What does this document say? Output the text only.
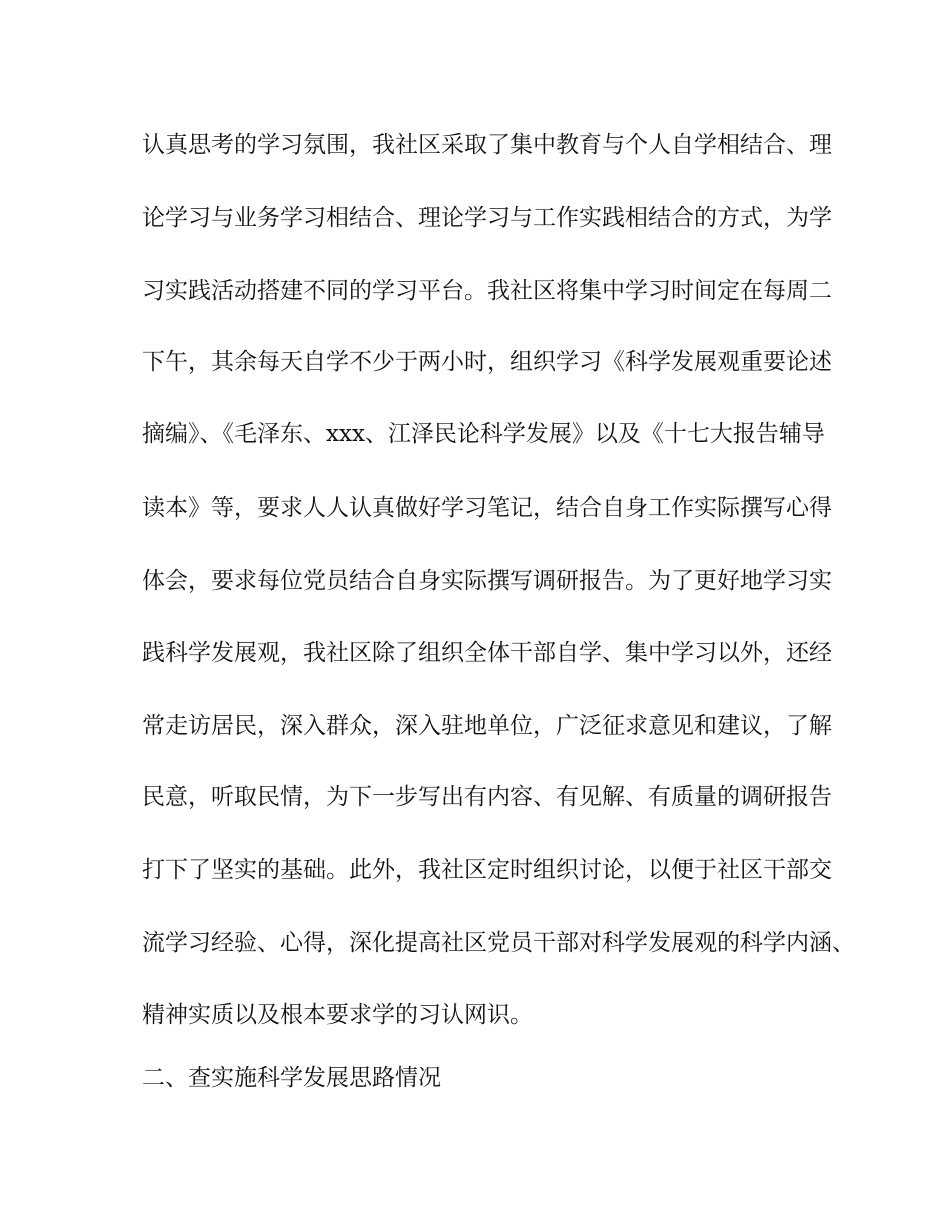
认真思考的学习氛围，我社区采取了集中教育与个人自学相结合、理
论学习与业务学习相结合、理论学习与工作实践相结合的方式，为学
习实践活动搭建不同的学习平台。我社区将集中学习时间定在每周二
下午，其余每天自学不少于两小时，组织学习《科学发展观重要论述
摘编》、《毛泽东、xxx、江泽民论科学发展》以及《十七大报告辅导
读本》等，要求人人认真做好学习笔记，结合自身工作实际撰写心得
体会，要求每位党员结合自身实际撰写调研报告。为了更好地学习实
践科学发展观，我社区除了组织全体干部自学、集中学习以外，还经
常走访居民，深入群众，深入驻地单位，广泛征求意见和建议，了解
民意，听取民情，为下一步写出有内容、有见解、有质量的调研报告
打下了坚实的基础。此外，我社区定时组织讨论，以便于社区干部交
流学习经验、心得，深化提高社区党员干部对科学发展观的科学内涵、
精神实质以及根本要求学的习认网识。
二、查实施科学发展思路情况
